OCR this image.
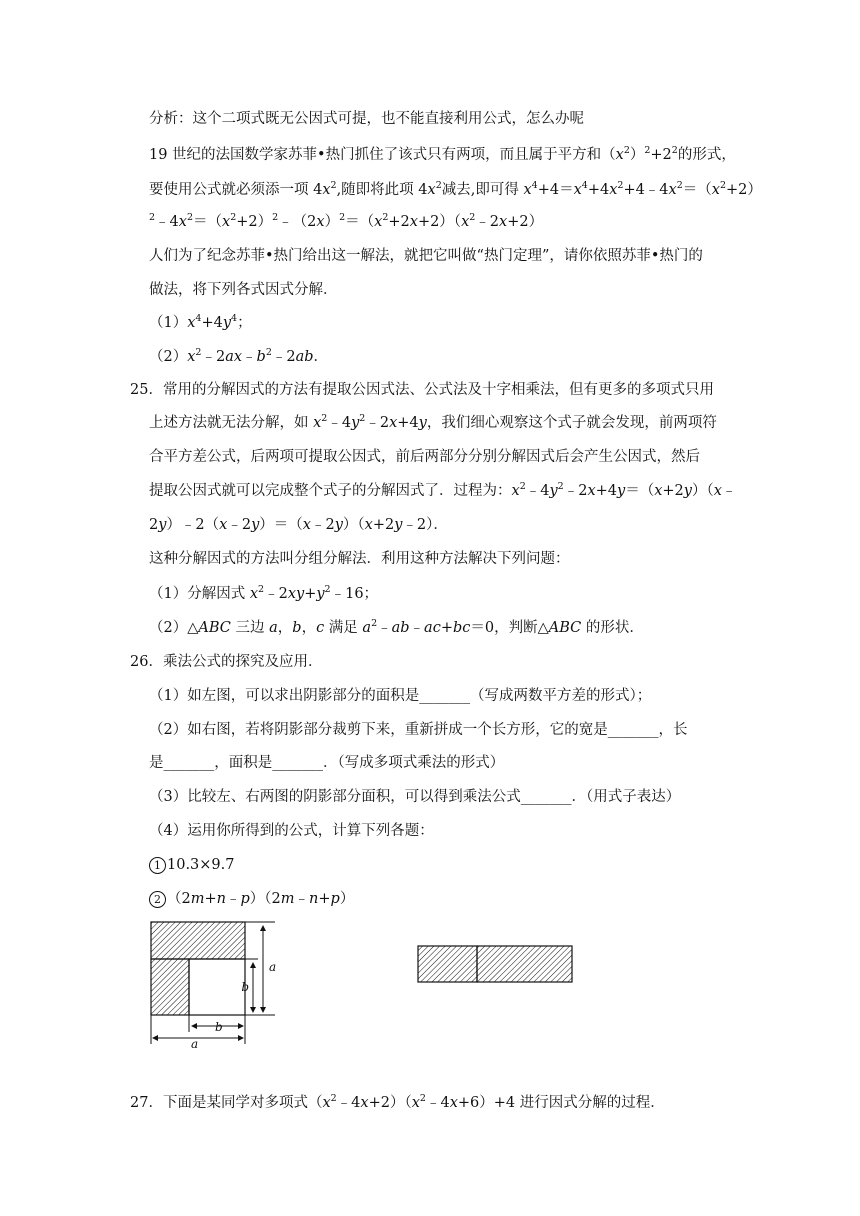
分析：这个二项式既无公因式可提，也不能直接利用公式，怎么办呢
19 世纪的法国数学家苏菲•热门抓住了该式只有两项，而且属于平方和$(x^2)^2+2^2$的形式，
要使用公式就必须添一项 $4x^2$,随即将此项 $4x^2$减去,即可得 $x^4+4=x^4+4x^2+4﹣4x^2=(x^2+2)$
$^2﹣4x^2=(x^2+2)^2﹣(2x)^2=(x^2+2x+2)(x^2﹣2x+2)$
人们为了纪念苏菲•热门给出这一解法，就把它叫做“热门定理”，请你依照苏菲•热门的
做法，将下列各式因式分解．
$(1)x^4+4y^4$；
$(2)x^2﹣2ax﹣b^2﹣2ab$．
25．常用的分解因式的方法有提取公因式法、公式法及十字相乘法，但有更多的多项式只用
上述方法就无法分解，如 $x^2﹣4y^2﹣2x+4y$，我们细心观察这个式子就会发现，前两项符
合平方差公式，后两项可提取公因式，前后两部分分别分解因式后会产生公因式，然后
提取公因式就可以完成整个式子的分解因式了．过程为：$x^2﹣4y^2﹣2x+4y=(x+2y)(x﹣$
2y）﹣2（x﹣2y）＝（x﹣2y）（x+2y﹣2）．
这种分解因式的方法叫分组分解法．利用这种方法解决下列问题：
（1）分解因式 $x^2﹣2xy+y^2﹣16$；
（2）△ABC 三边 a，b，c 满足 $a^2﹣ab﹣ac+bc=0$，判断△ABC 的形状．
26．乘法公式的探究及应用．
（1）如左图，可以求出阴影部分的面积是_______（写成两数平方差的形式）；
（2）如右图，若将阴影部分裁剪下来，重新拼成一个长方形，它的宽是_______，长
是_______，面积是_______．（写成多项式乘法的形式）
（3）比较左、右两图的阴影部分面积，可以得到乘法公式_______．（用式子表达）
（4）运用你所得到的公式，计算下列各题：
1 10.3×9.7
2 （2m+n﹣p）（2m﹣n+p）
a
b
b
a
27．下面是某同学对多项式$(x^2﹣4x+2)(x^2﹣4x+6)+4$ 进行因式分解的过程．
